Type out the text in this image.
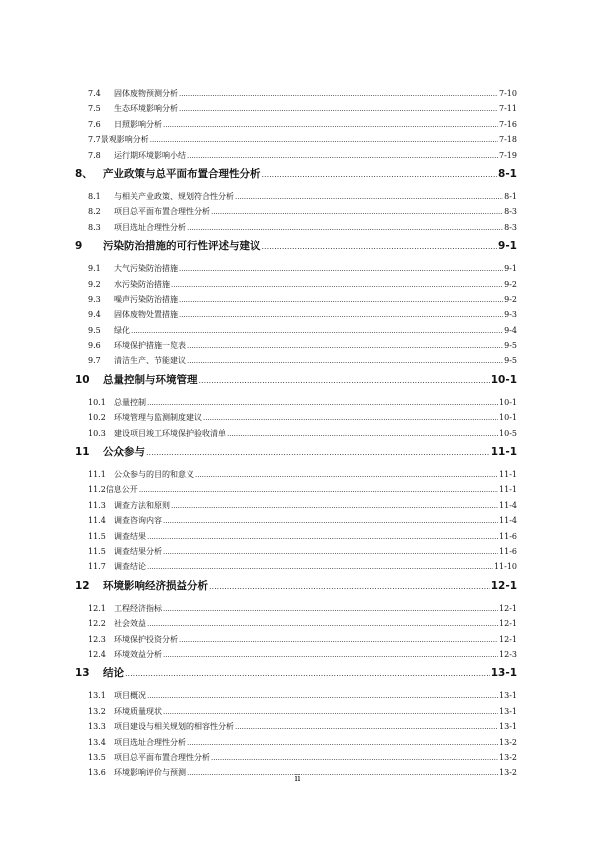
7.4 固体废物预测分析 .....	7-10
7.5 生态环境影响分析 .....	7-11
7.6 日照影响分析 .....	7-16
7.7景观影响分析 .....	7-18
7.8 运行期环境影响小结 .....	7-19
8、 产业政策与总平面布置合理性分析 .....	8-1
8.1 与相关产业政策、规划符合性分析 .....	8-1
8.2 项目总平面布置合理性分析 .....	8-3
8.3 项目选址合理性分析 .....	8-3
9 污染防治措施的可行性评述与建议 .....	9-1
9.1 大气污染防治措施 .....	9-1
9.2 水污染防治措施 .....	9-2
9.3 噪声污染防治措施 .....	9-2
9.4 固体废物处置措施 .....	9-3
9.5 绿化 .....	9-4
9.6 环境保护措施一览表 .....	9-5
9.7 清洁生产、节能建议 .....	9-5
10 总量控制与环境管理 .....	10-1
10.1 总量控制 .....	10-1
10.2 环境管理与监测制度建议 .....	10-1
10.3 建设项目竣工环境保护验收清单 .....	10-5
11 公众参与 .....	11-1
11.1 公众参与的目的和意义 .....	11-1
11.2信息公开 .....	11-1
11.3 调查方法和原则 .....	11-4
11.4 调查咨询内容 .....	11-4
11.5 调查结果 .....	11-6
11.5 调查结果分析 .....	11-6
11.7 调查结论 .....	11-10
12 环境影响经济损益分析 .....	12-1
12.1 工程经济指标 .....	12-1
12.2 社会效益 .....	12-1
12.3 环境保护投资分析 .....	12-1
12.4 环境效益分析 .....	12-3
13 结论 .....	13-1
13.1 项目概况 .....	13-1
13.2 环境质量现状 .....	13-1
13.3 项目建设与相关规划的相容性分析 .....	13-1
13.4 项目选址合理性分析 .....	13-2
13.5 项目总平面布置合理性分析 .....	13-2
13.6 环境影响评价与预测 .....	13-2
ii
